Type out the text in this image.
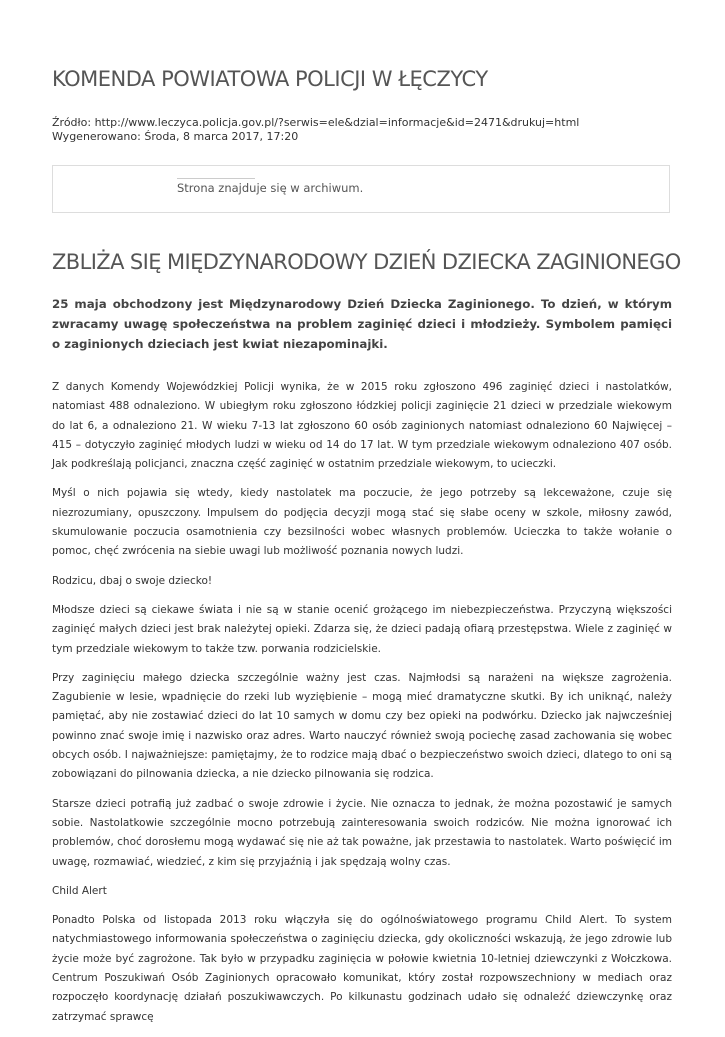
KOMENDA POWIATOWA POLICJI W ŁĘCZYCY
Źródło: http://www.leczyca.policja.gov.pl/?serwis=ele&dzial=informacje&id=2471&drukuj=html
Wygenerowano: Środa, 8 marca 2017, 17:20
Strona znajduje się w archiwum.
ZBLIŻA SIĘ MIĘDZYNARODOWY DZIEŃ DZIECKA ZAGINIONEGO

25 maja obchodzony jest Międzynarodowy Dzień Dziecka Zaginionego. To dzień, w którym zwracamy uwagę społeczeństwa na problem zaginięć dzieci i młodzieży. Symbolem pamięci o zaginionych dzieciach jest kwiat niezapominajki.

Z danych Komendy Wojewódzkiej Policji wynika, że w 2015 roku zgłoszono 496 zaginięć dzieci i nastolatków, natomiast 488 odnaleziono. W ubiegłym roku zgłoszono łódzkiej policji zaginięcie 21 dzieci w przedziale wiekowym do lat 6, a odnaleziono 21. W wieku 7-13 lat zgłoszono 60 osób zaginionych natomiast odnaleziono 60 Najwięcej – 415 – dotyczyło zaginięć młodych ludzi w wieku od 14 do 17 lat. W tym przedziale wiekowym odnaleziono 407 osób. Jak podkreślają policjanci, znaczna część zaginięć w ostatnim przedziale wiekowym, to ucieczki.

Myśl o nich pojawia się wtedy, kiedy nastolatek ma poczucie, że jego potrzeby są lekceważone, czuje się niezrozumiany, opuszczony. Impulsem do podjęcia decyzji mogą stać się słabe oceny w szkole, miłosny zawód, skumulowanie poczucia osamotnienia czy bezsilności wobec własnych problemów. Ucieczka to także wołanie o pomoc, chęć zwrócenia na siebie uwagi lub możliwość poznania nowych ludzi.

Rodzicu, dbaj o swoje dziecko!

Młodsze dzieci są ciekawe świata i nie są w stanie ocenić grożącego im niebezpieczeństwa. Przyczyną większości zaginięć małych dzieci jest brak należytej opieki. Zdarza się, że dzieci padają ofiarą przestępstwa. Wiele z zaginięć w tym przedziale wiekowym to także tzw. porwania rodzicielskie.

Przy zaginięciu małego dziecka szczególnie ważny jest czas. Najmłodsi są narażeni na większe zagrożenia. Zagubienie w lesie, wpadnięcie do rzeki lub wyziębienie – mogą mieć dramatyczne skutki. By ich uniknąć, należy pamiętać, aby nie zostawiać dzieci do lat 10 samych w domu czy bez opieki na podwórku. Dziecko jak najwcześniej powinno znać swoje imię i nazwisko oraz adres. Warto nauczyć również swoją pociechę zasad zachowania się wobec obcych osób. I najważniejsze: pamiętajmy, że to rodzice mają dbać o bezpieczeństwo swoich dzieci, dlatego to oni są zobowiązani do pilnowania dziecka, a nie dziecko pilnowania się rodzica.

Starsze dzieci potrafią już zadbać o swoje zdrowie i życie. Nie oznacza to jednak, że można pozostawić je samych sobie. Nastolatkowie szczególnie mocno potrzebują zainteresowania swoich rodziców. Nie można ignorować ich problemów, choć dorosłemu mogą wydawać się nie aż tak poważne, jak przestawia to nastolatek. Warto poświęcić im uwagę, rozmawiać, wiedzieć, z kim się przyjaźnią i jak spędzają wolny czas.

Child Alert

Ponadto Polska od listopada 2013 roku włączyła się do ogólnoświatowego programu Child Alert. To system natychmiastowego informowania społeczeństwa o zaginięciu dziecka, gdy okoliczności wskazują, że jego zdrowie lub życie może być zagrożone. Tak było w przypadku zaginięcia w połowie kwietnia 10-letniej dziewczynki z Wołczkowa. Centrum Poszukiwań Osób Zaginionych opracowało komunikat, który został rozpowszechniony w mediach oraz rozpoczęło koordynację działań poszukiwawczych. Po kilkunastu godzinach udało się odnaleźć dziewczynkę oraz zatrzymać sprawcę
